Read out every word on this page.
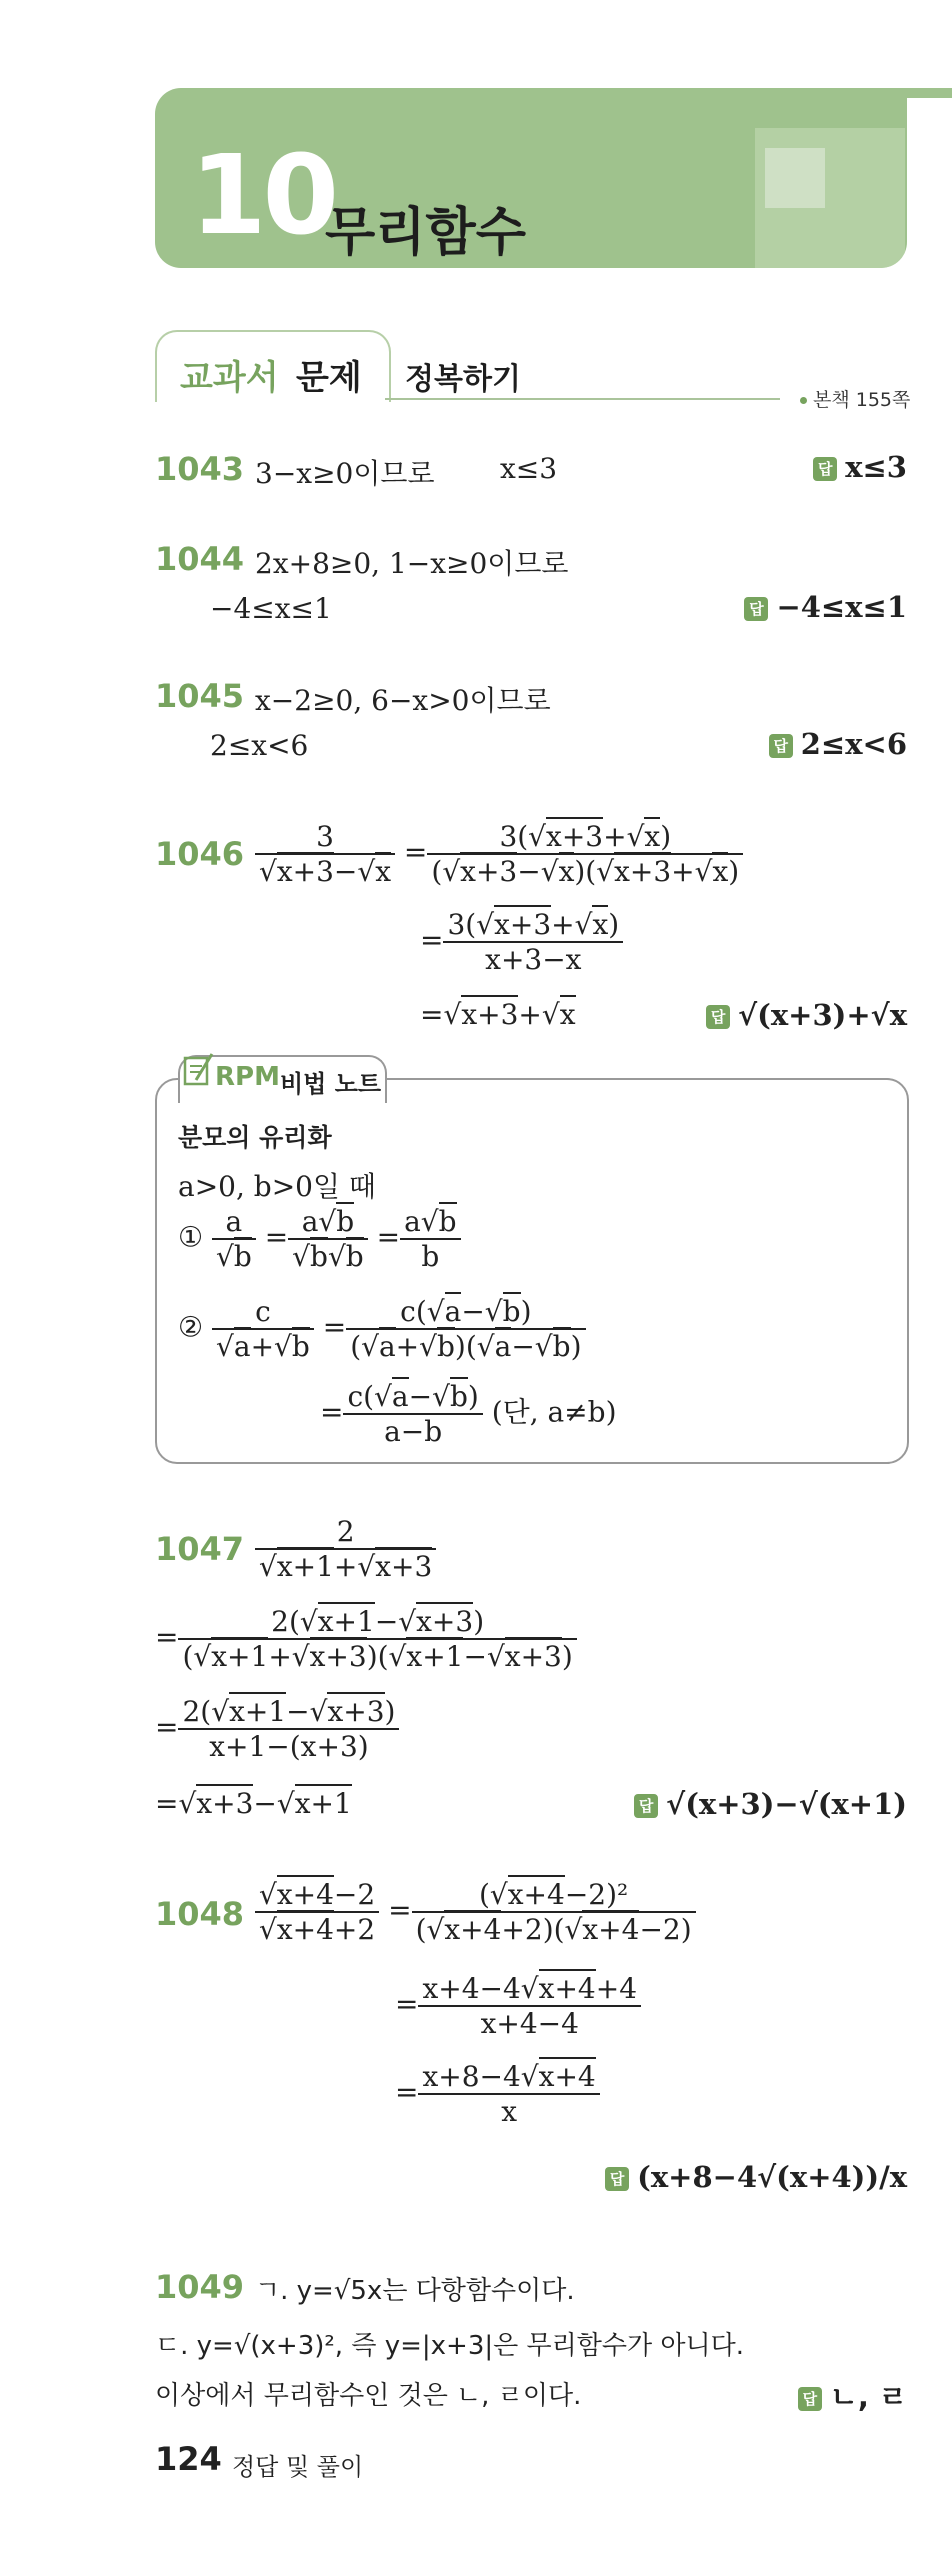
10
무리함수
교과서 문제 정복하기
본책 155쪽
1043 3−x≥0이므로 x≤3	답 x≤3
1044 2x+8≥0, 1−x≥0이므로
−4≤x≤1	답 −4≤x≤1
1045 x−2≥0, 6−x>0이므로
2≤x<6	답 2≤x<6
$1046 \frac{3}{√x+3-√x} = \frac{3(√x+3+√x)}{(√x+3-√x)(√x+3+√x)}$
= $\frac{3(√x+3+√x)}{x+3-x}$
=√x+3+√x	답 √(x+3)+√x
RPM 비법 노트
분모의 유리화
a>0, b>0일 때
① $\frac{a}{√b} = \frac{a√b}{√b√b} = \frac{a√b}{b}$
② $\frac{c}{√a+√b} = \frac{c(√a-√b)}{(√a+√b)(√a-√b)}$
= $\frac{c(√a-√b)}{a-b}$ (단, a≠b)
$1047 \frac{2}{√x+1+√x+3}$
= $\frac{2(√x+1-√x+3)}{(√x+1+√x+3)(√x+1-√x+3)}$
= $\frac{2(√x+1-√x+3)}{x+1-(x+3)}$
=√x+3−√x+1	답 √(x+3)−√(x+1)
$1048 \frac{√x+4-2}{√x+4+2} = \frac{\text{(√x+4−2)²}}{(√x+4+2)(√x+4-2)}$
= $\frac{x+4-4√x+4+4}{x+4-4}$
= $\frac{x+8-4√x+4}{x}$
답 (x+8−4√(x+4))/x
1049 ㄱ. y=√5x는 다항함수이다.
ㄷ. y=√(x+3)², 즉 y=|x+3|은 무리함수가 아니다.
이상에서 무리함수인 것은 ㄴ, ㄹ이다.	답 ㄴ, ㄹ
124 정답 및 풀이
